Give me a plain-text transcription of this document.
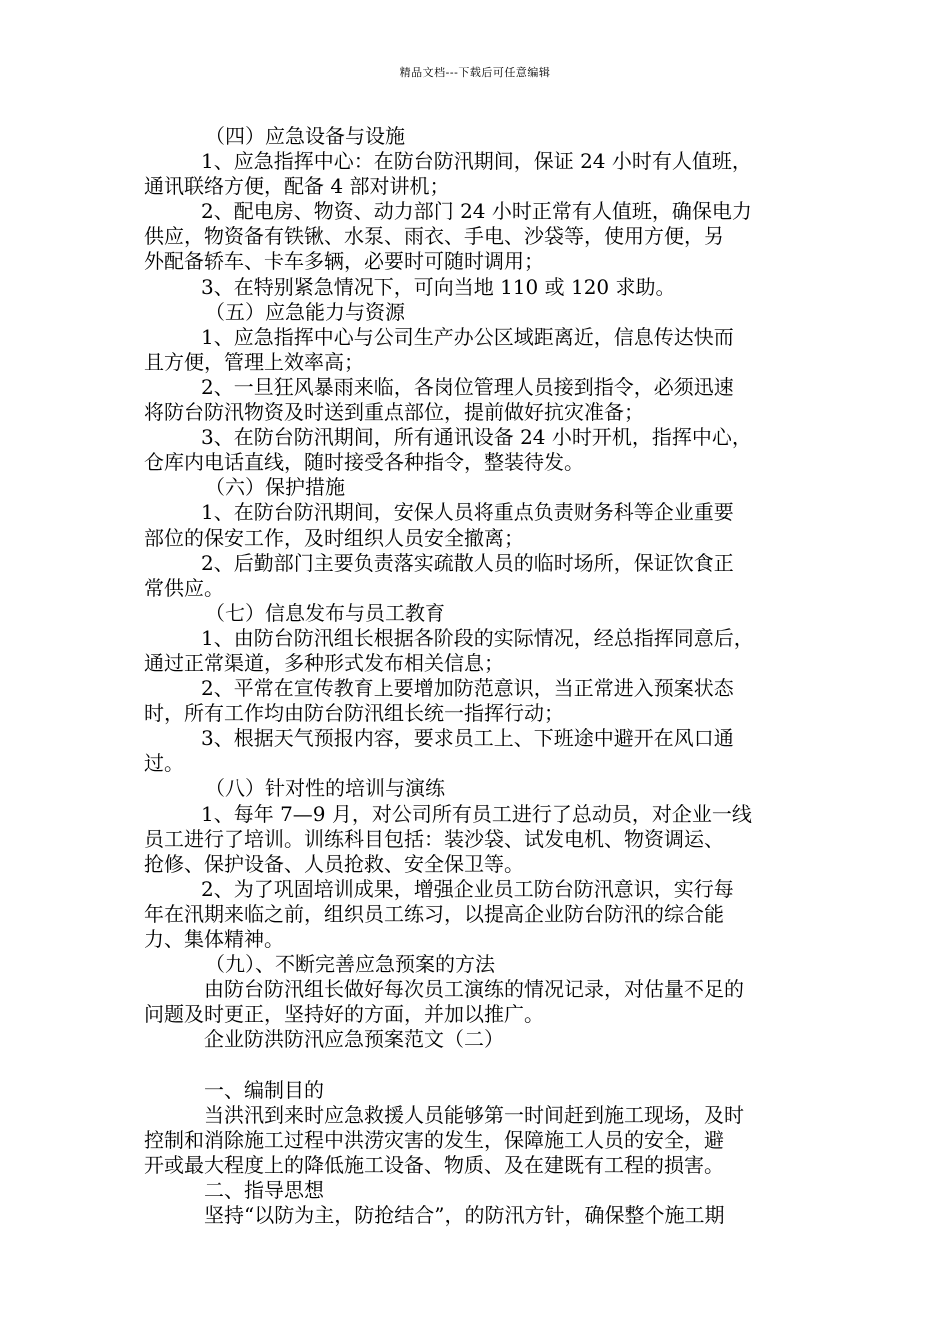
精品文档---下载后可任意编辑
（四）应急设备与设施
1、应急指挥中心：在防台防汛期间，保证 24 小时有人值班，
通讯联络方便，配备 4 部对讲机；
2、配电房、物资、动力部门 24 小时正常有人值班，确保电力
供应，物资备有铁锹、水泵、雨衣、手电、沙袋等，使用方便，另
外配备轿车、卡车多辆，必要时可随时调用；
3、在特别紧急情况下，可向当地 110 或 120 求助。
（五）应急能力与资源
1、应急指挥中心与公司生产办公区域距离近，信息传达快而
且方便，管理上效率高；
2、一旦狂风暴雨来临，各岗位管理人员接到指令，必须迅速
将防台防汛物资及时送到重点部位，提前做好抗灾准备；
3、在防台防汛期间，所有通讯设备 24 小时开机，指挥中心，
仓库内电话直线，随时接受各种指令，整装待发。
（六）保护措施
1、在防台防汛期间，安保人员将重点负责财务科等企业重要
部位的保安工作，及时组织人员安全撤离；
2、后勤部门主要负责落实疏散人员的临时场所，保证饮食正
常供应。
（七）信息发布与员工教育
1、由防台防汛组长根据各阶段的实际情况，经总指挥同意后，
通过正常渠道，多种形式发布相关信息；
2、平常在宣传教育上要增加防范意识，当正常进入预案状态
时，所有工作均由防台防汛组长统一指挥行动；
3、根据天气预报内容，要求员工上、下班途中避开在风口通
过。
（八）针对性的培训与演练
1、每年 7—9 月，对公司所有员工进行了总动员，对企业一线
员工进行了培训。训练科目包括：装沙袋、试发电机、物资调运、
抢修、保护设备、人员抢救、安全保卫等。
2、为了巩固培训成果，增强企业员工防台防汛意识，实行每
年在汛期来临之前，组织员工练习，以提高企业防台防汛的综合能
力、集体精神。
（九）、不断完善应急预案的方法
由防台防汛组长做好每次员工演练的情况记录，对估量不足的
问题及时更正，坚持好的方面，并加以推广。
企业防洪防汛应急预案范文（二）
一、编制目的
当洪汛到来时应急救援人员能够第一时间赶到施工现场，及时
控制和消除施工过程中洪涝灾害的发生，保障施工人员的安全，避
开或最大程度上的降低施工设备、物质、及在建既有工程的损害。
二、指导思想
坚持“以防为主，防抢结合”，的防汛方针，确保整个施工期
